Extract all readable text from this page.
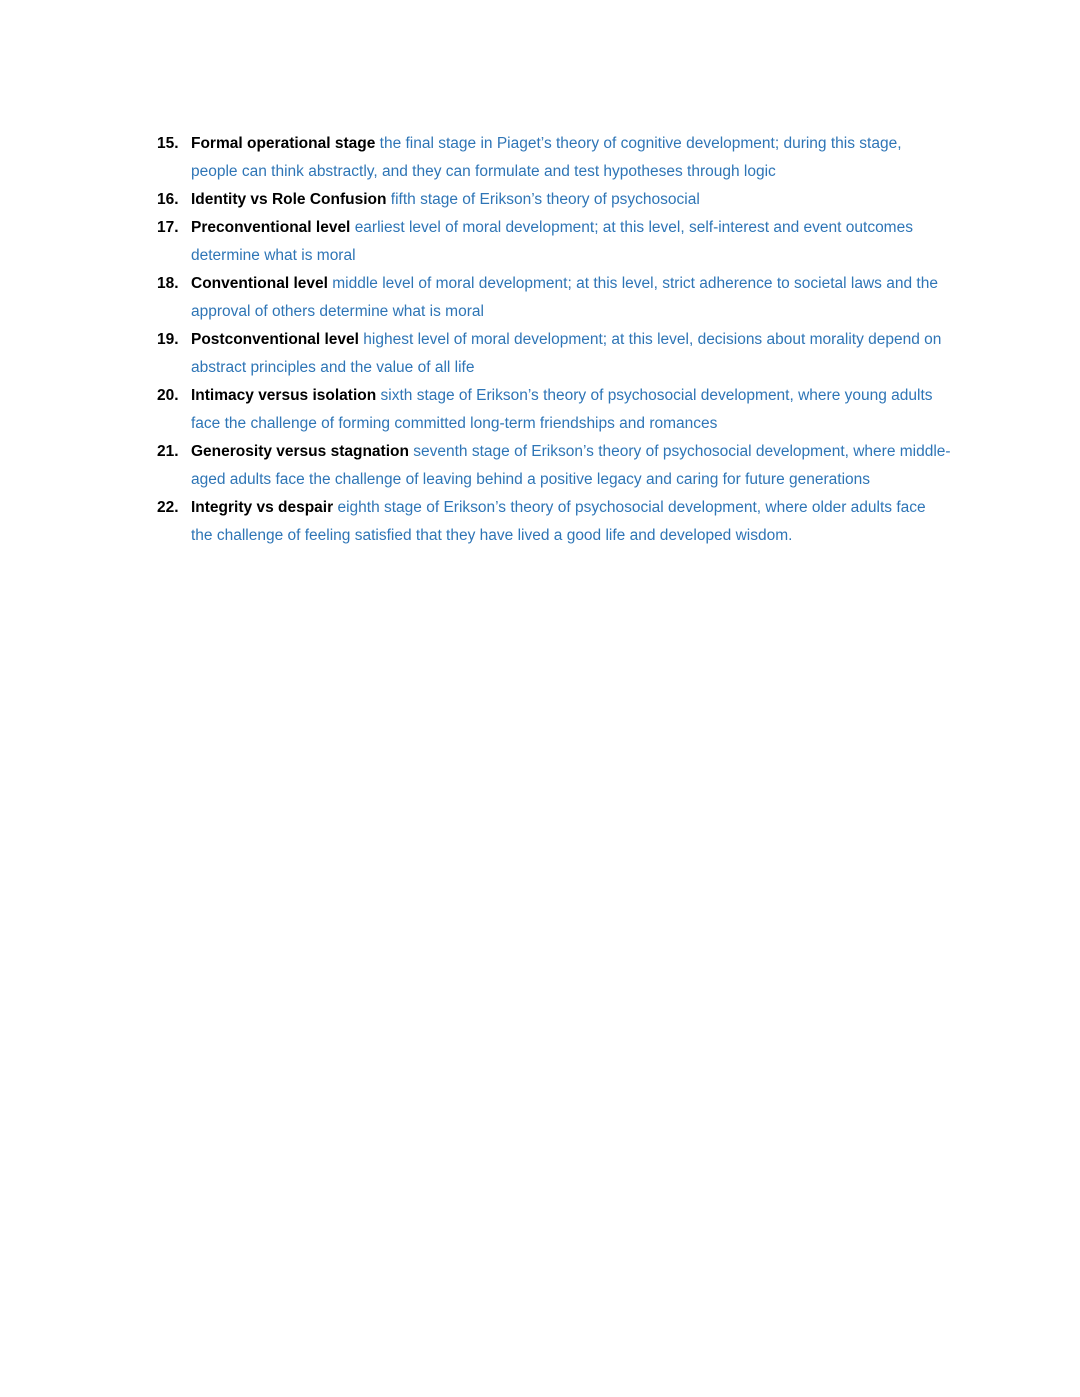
15. Formal operational stage the final stage in Piaget’s theory of cognitive development; during this stage, people can think abstractly, and they can formulate and test hypotheses through logic
16. Identity vs Role Confusion fifth stage of Erikson’s theory of psychosocial
17. Preconventional level earliest level of moral development; at this level, self-interest and event outcomes determine what is moral
18. Conventional level middle level of moral development; at this level, strict adherence to societal laws and the approval of others determine what is moral
19. Postconventional level highest level of moral development; at this level, decisions about morality depend on abstract principles and the value of all life
20. Intimacy versus isolation sixth stage of Erikson’s theory of psychosocial development, where young adults face the challenge of forming committed long-term friendships and romances
21. Generosity versus stagnation seventh stage of Erikson’s theory of psychosocial development, where middle-aged adults face the challenge of leaving behind a positive legacy and caring for future generations
22. Integrity vs despair eighth stage of Erikson’s theory of psychosocial development, where older adults face the challenge of feeling satisfied that they have lived a good life and developed wisdom.
